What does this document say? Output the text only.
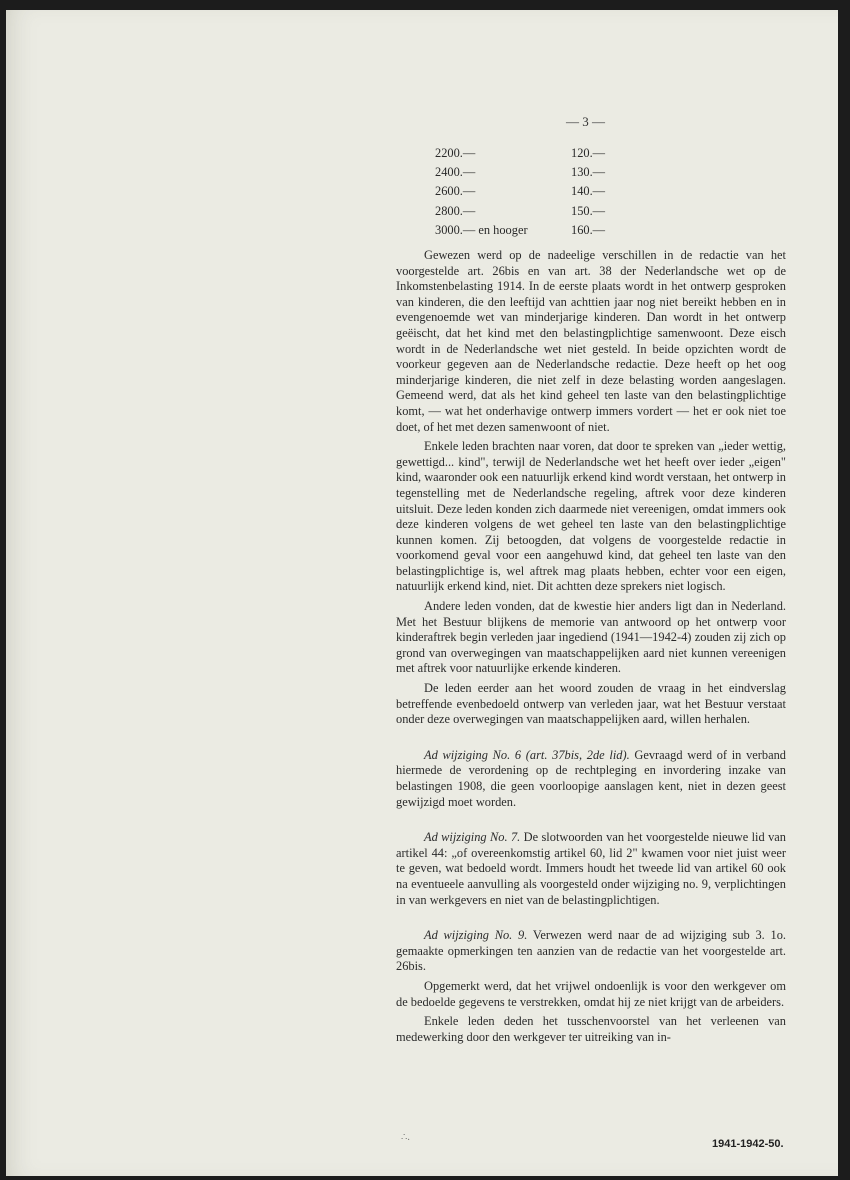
— 3 —
2200.—	120.—
2400.—	130.—
2600.—	140.—
2800.—	150.—
3000.— en hooger	160.—

Gewezen werd op de nadeelige verschillen in de redactie van het voorgestelde art. 26bis en van art. 38 der Nederlandsche wet op de Inkomstenbelasting 1914. In de eerste plaats wordt in het ontwerp gesproken van kinderen, die den leeftijd van achttien jaar nog niet bereikt hebben en in evengenoemde wet van minderjarige kinderen. Dan wordt in het ontwerp geëischt, dat het kind met den belastingplichtige samenwoont. Deze eisch wordt in de Nederlandsche wet niet gesteld. In beide opzichten wordt de voorkeur gegeven aan de Nederlandsche redactie. Deze heeft op het oog minderjarige kinderen, die niet zelf in deze belasting worden aangeslagen. Gemeend werd, dat als het kind geheel ten laste van den belastingplichtige komt, — wat het onderhavige ontwerp immers vordert — het er ook niet toe doet, of het met dezen samenwoont of niet.

Enkele leden brachten naar voren, dat door te spreken van „ieder wettig, gewettigd... kind", terwijl de Nederlandsche wet het heeft over ieder „eigen" kind, waaronder ook een natuurlijk erkend kind wordt verstaan, het ontwerp in tegenstelling met de Nederlandsche regeling, aftrek voor deze kinderen uitsluit. Deze leden konden zich daarmede niet vereenigen, omdat immers ook deze kinderen volgens de wet geheel ten laste van den belastingplichtige kunnen komen. Zij betoogden, dat volgens de voorgestelde redactie in voorkomend geval voor een aangehuwd kind, dat geheel ten laste van den belastingplichtige is, wel aftrek mag plaats hebben, echter voor een eigen, natuurlijk erkend kind, niet. Dit achtten deze sprekers niet logisch.

Andere leden vonden, dat de kwestie hier anders ligt dan in Nederland. Met het Bestuur blijkens de memorie van antwoord op het ontwerp voor kinderaftrek begin verleden jaar ingediend (1941—1942-4) zouden zij zich op grond van overwegingen van maatschappelijken aard niet kunnen vereenigen met aftrek voor natuurlijke erkende kinderen.

De leden eerder aan het woord zouden de vraag in het eindverslag betreffende evenbedoeld ontwerp van verleden jaar, wat het Bestuur verstaat onder deze overwegingen van maatschappelijken aard, willen herhalen.

Ad wijziging No. 6 (art. 37bis, 2de lid). Gevraagd werd of in verband hiermede de verordening op de rechtpleging en invordering inzake van belastingen 1908, die geen voorloopige aanslagen kent, niet in dezen geest gewijzigd moet worden.

Ad wijziging No. 7. De slotwoorden van het voorgestelde nieuwe lid van artikel 44: „of overeenkomstig artikel 60, lid 2" kwamen voor niet juist weer te geven, wat bedoeld wordt. Immers houdt het tweede lid van artikel 60 ook na eventueele aanvulling als voorgesteld onder wijziging no. 9, verplichtingen in van werkgevers en niet van de belastingplichtigen.

Ad wijziging No. 9. Verwezen werd naar de ad wijziging sub 3. 1o. gemaakte opmerkingen ten aanzien van de redactie van het voorgestelde art. 26bis.

Opgemerkt werd, dat het vrijwel ondoenlijk is voor den werkgever om de bedoelde gegevens te verstrekken, omdat hij ze niet krijgt van de arbeiders.

Enkele leden deden het tusschenvoorstel van het verleenen van medewerking door den werkgever ter uitreiking van in-

∴.
1941-1942-50.
